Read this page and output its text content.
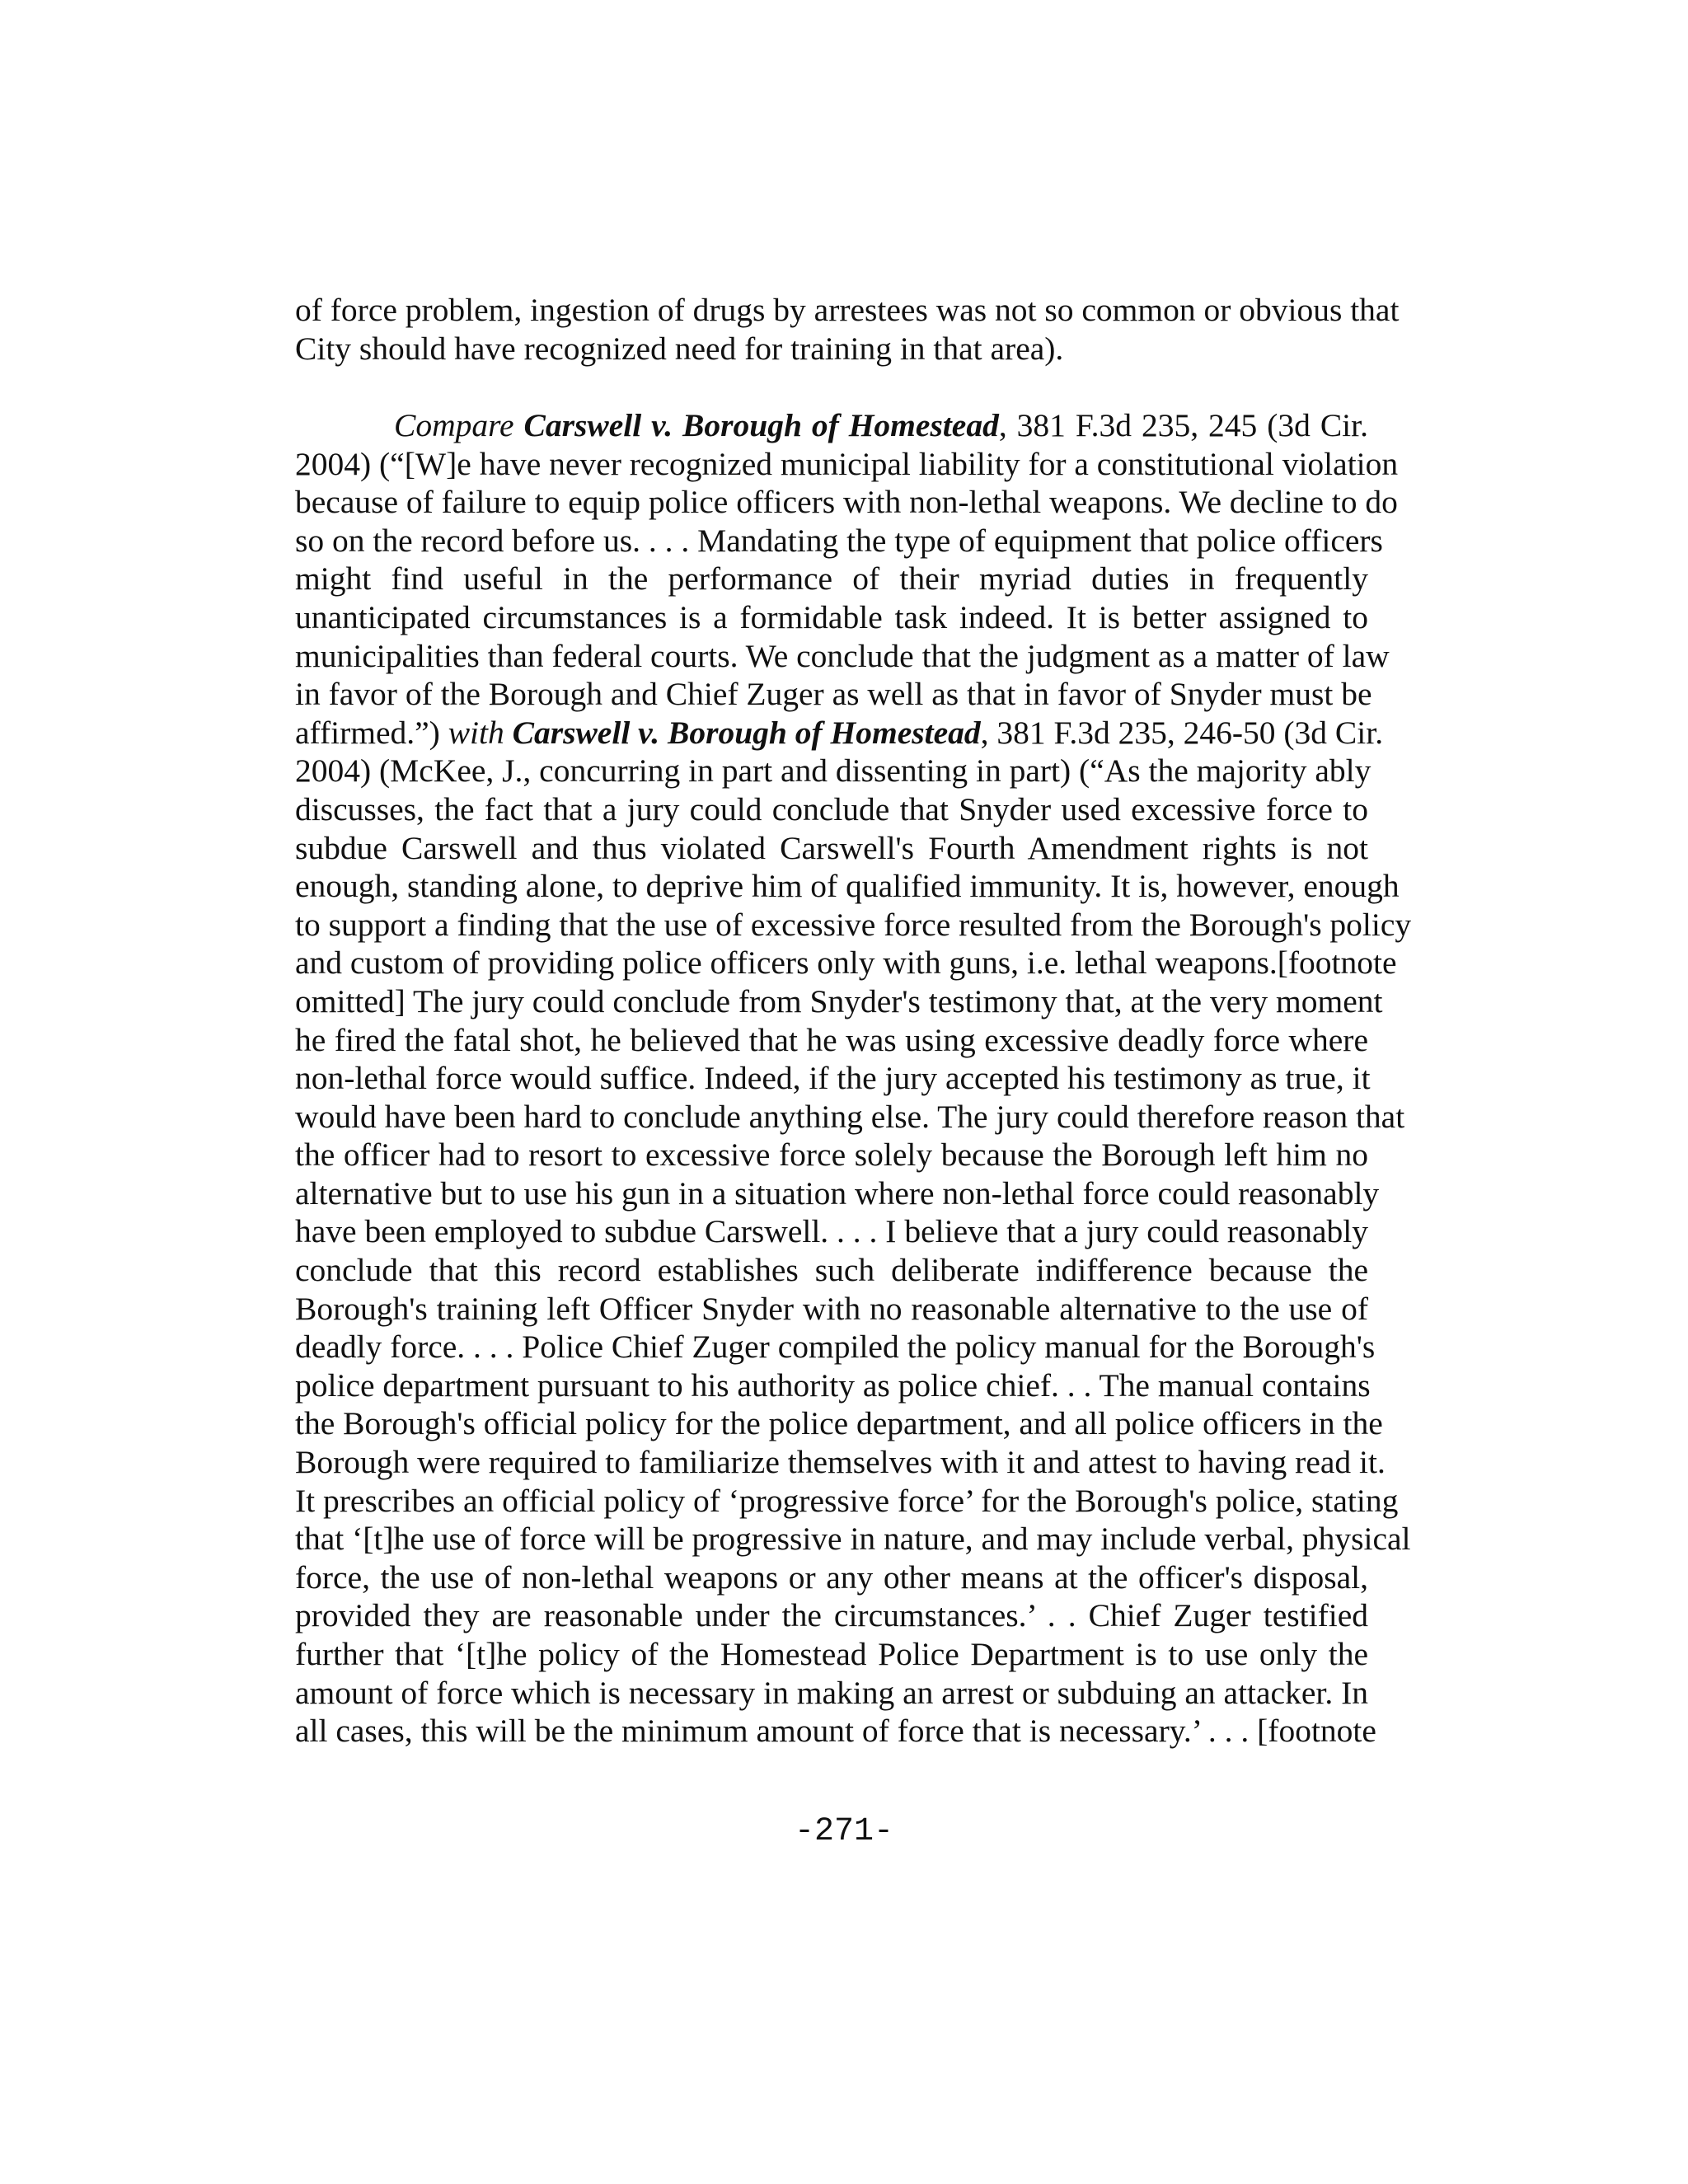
of force problem, ingestion of drugs by arrestees was not so common or obvious that
City should have recognized need for training in that area).
Compare Carswell v. Borough of Homestead, 381 F.3d 235, 245 (3d Cir.
2004) (“[W]e have never recognized municipal liability for a constitutional violation
because of failure to equip police officers with non-lethal weapons. We decline to do
so on the record before us. . . . Mandating the type of equipment that police officers
might find useful in the performance of their myriad duties in frequently
unanticipated circumstances is a formidable task indeed. It is better assigned to
municipalities than federal courts. We conclude that the judgment as a matter of law
in favor of the Borough and Chief Zuger as well as that in favor of Snyder must be
affirmed.”) with Carswell v. Borough of Homestead, 381 F.3d 235, 246-50 (3d Cir.
2004) (McKee, J., concurring in part and dissenting in part) (“As the majority ably
discusses, the fact that a jury could conclude that Snyder used excessive force to
subdue Carswell and thus violated Carswell's Fourth Amendment rights is not
enough, standing alone, to deprive him of qualified immunity. It is, however, enough
to support a finding that the use of excessive force resulted from the Borough's policy
and custom of providing police officers only with guns, i.e. lethal weapons.[footnote
omitted] The jury could conclude from Snyder's testimony that, at the very moment
he fired the fatal shot, he believed that he was using excessive deadly force where
non-lethal force would suffice. Indeed, if the jury accepted his testimony as true, it
would have been hard to conclude anything else. The jury could therefore reason that
the officer had to resort to excessive force solely because the Borough left him no
alternative but to use his gun in a situation where non-lethal force could reasonably
have been employed to subdue Carswell. . . . I believe that a jury could reasonably
conclude that this record establishes such deliberate indifference because the
Borough's training left Officer Snyder with no reasonable alternative to the use of
deadly force. . . . Police Chief Zuger compiled the policy manual for the Borough's
police department pursuant to his authority as police chief. . . The manual contains
the Borough's official policy for the police department, and all police officers in the
Borough were required to familiarize themselves with it and attest to having read it.
It prescribes an official policy of ‘progressive force’ for the Borough's police, stating
that ‘[t]he use of force will be progressive in nature, and may include verbal, physical
force, the use of non-lethal weapons or any other means at the officer's disposal,
provided they are reasonable under the circumstances.’ . . Chief Zuger testified
further that ‘[t]he policy of the Homestead Police Department is to use only the
amount of force which is necessary in making an arrest or subduing an attacker. In
all cases, this will be the minimum amount of force that is necessary.’ . . . [footnote
-271-
